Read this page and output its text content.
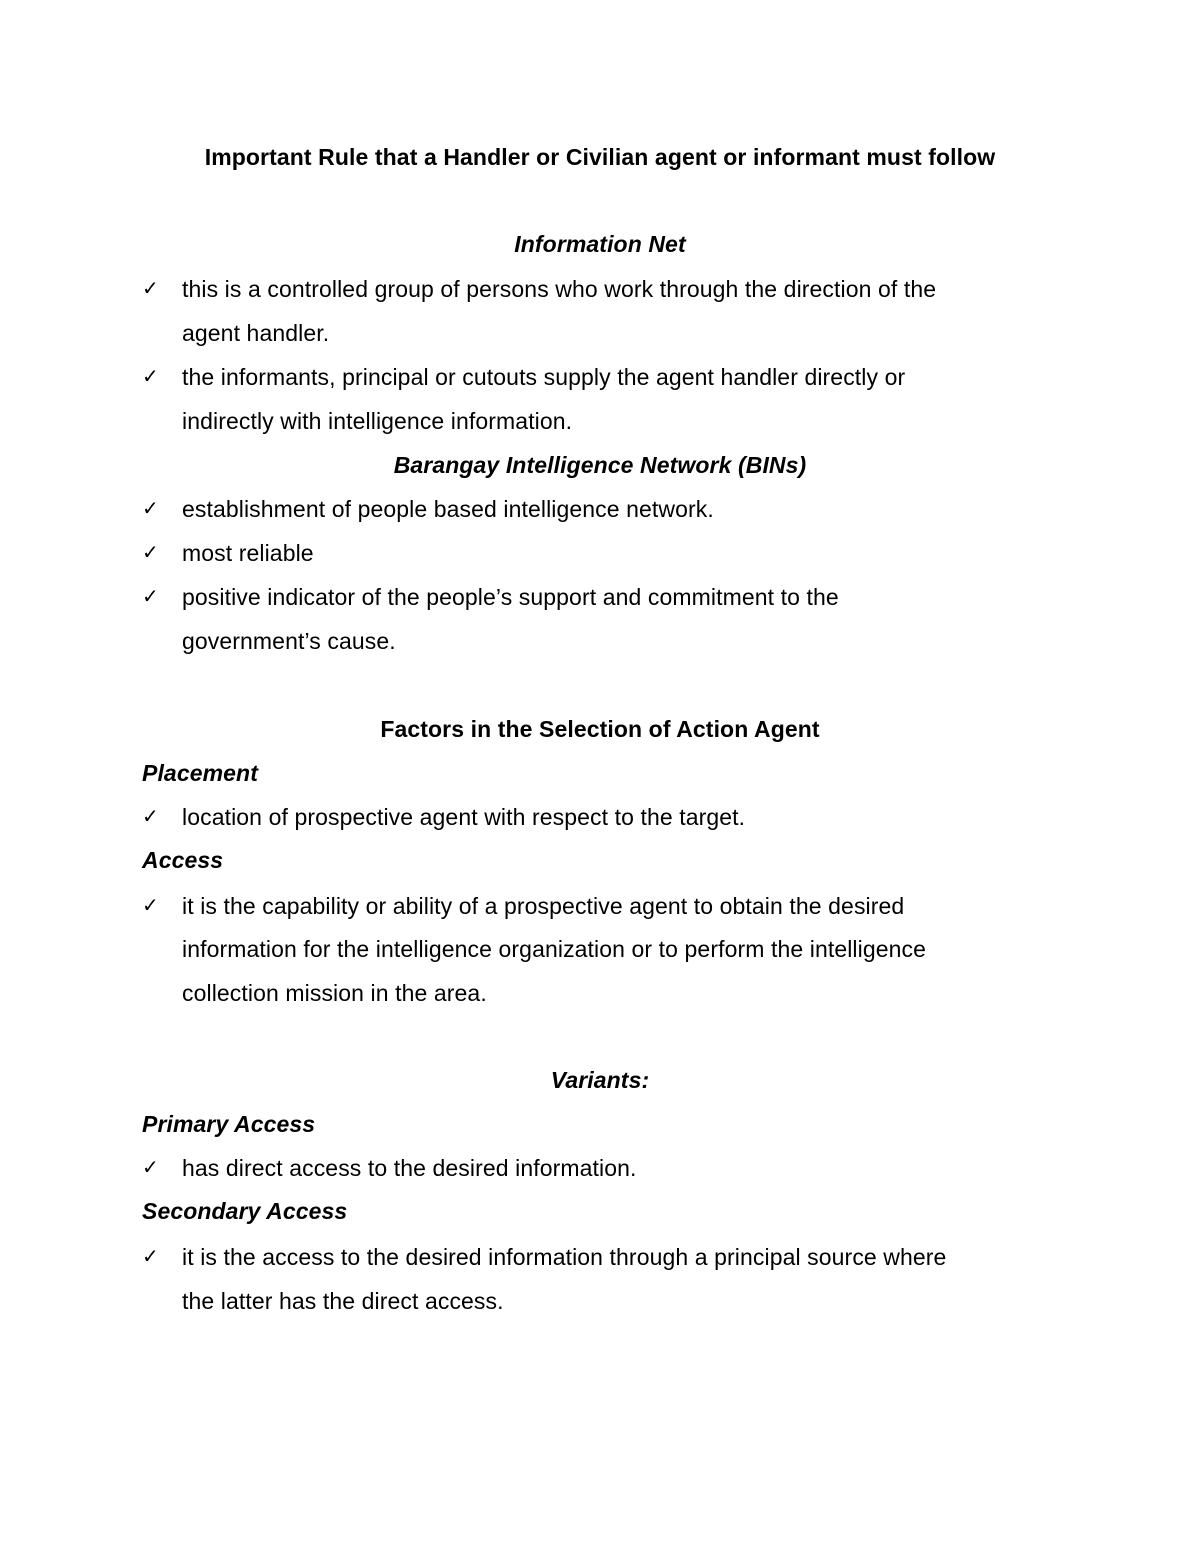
Important Rule that a Handler or Civilian agent or informant must follow
Information Net
✓ this is a controlled group of persons who work through the direction of the
agent handler.
✓ the informants, principal or cutouts supply the agent handler directly or
indirectly with intelligence information.
Barangay Intelligence Network (BINs)
✓ establishment of people based intelligence network.
✓ most reliable
✓ positive indicator of the people’s support and commitment to the
government’s cause.
Factors in the Selection of Action Agent
Placement
✓ location of prospective agent with respect to the target.
Access
✓ it is the capability or ability of a prospective agent to obtain the desired
information for the intelligence organization or to perform the intelligence
collection mission in the area.
Variants:
Primary Access
✓ has direct access to the desired information.
Secondary Access
✓ it is the access to the desired information through a principal source where
the latter has the direct access.
